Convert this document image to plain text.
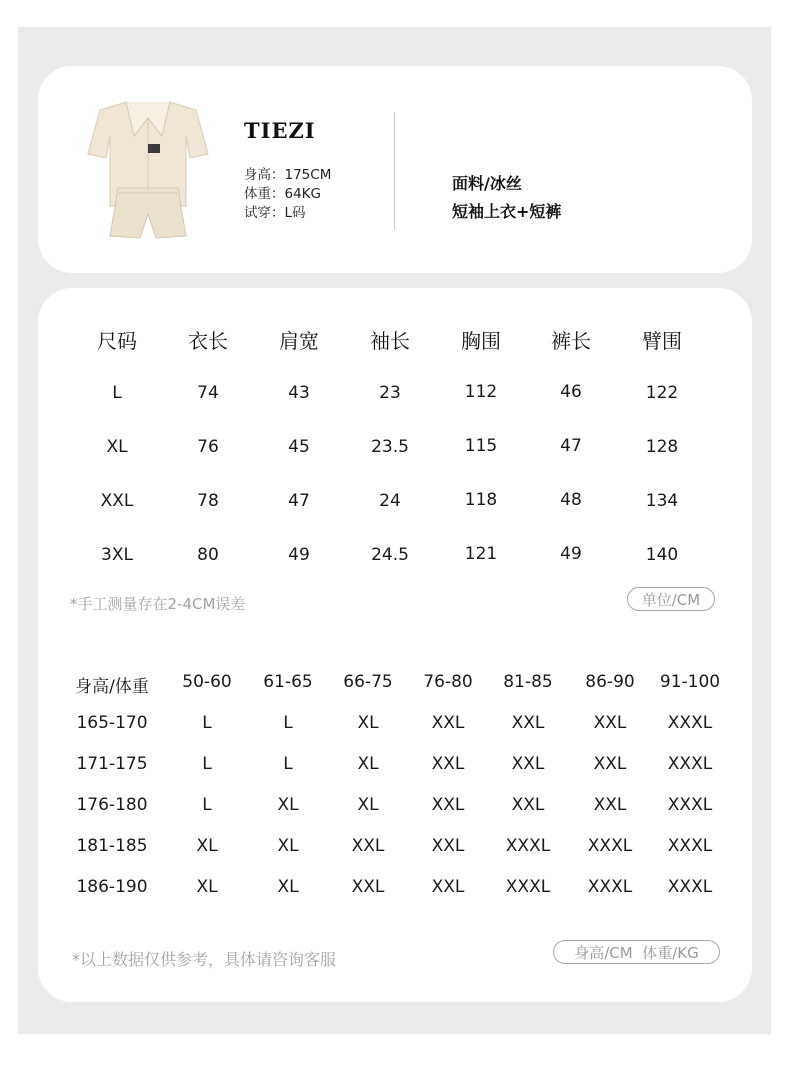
TIEZI
身高：175CM
体重：64KG
试穿：L码
面料/冰丝
短袖上衣+短裤
尺码	衣长	肩宽	袖长	胸围	裤长	臂围
L	74	43	23	112	46	122
XL	76	45	23.5	115	47	128
XXL	78	47	24	118	48	134
3XL	80	49	24.5	121	49	140
*手工测量存在2-4CM误差	单位/CM
身高/体重	50-60	61-65	66-75	76-80	81-85	86-90	91-100
165-170	L	L	XL	XXL	XXL	XXL	XXXL
171-175	L	L	XL	XXL	XXL	XXL	XXXL
176-180	L	XL	XL	XXL	XXL	XXL	XXXL
181-185	XL	XL	XXL	XXL	XXXL	XXXL	XXXL
186-190	XL	XL	XXL	XXL	XXXL	XXXL	XXXL
*以上数据仅供参考，具体请咨询客服	身高/CM  体重/KG
